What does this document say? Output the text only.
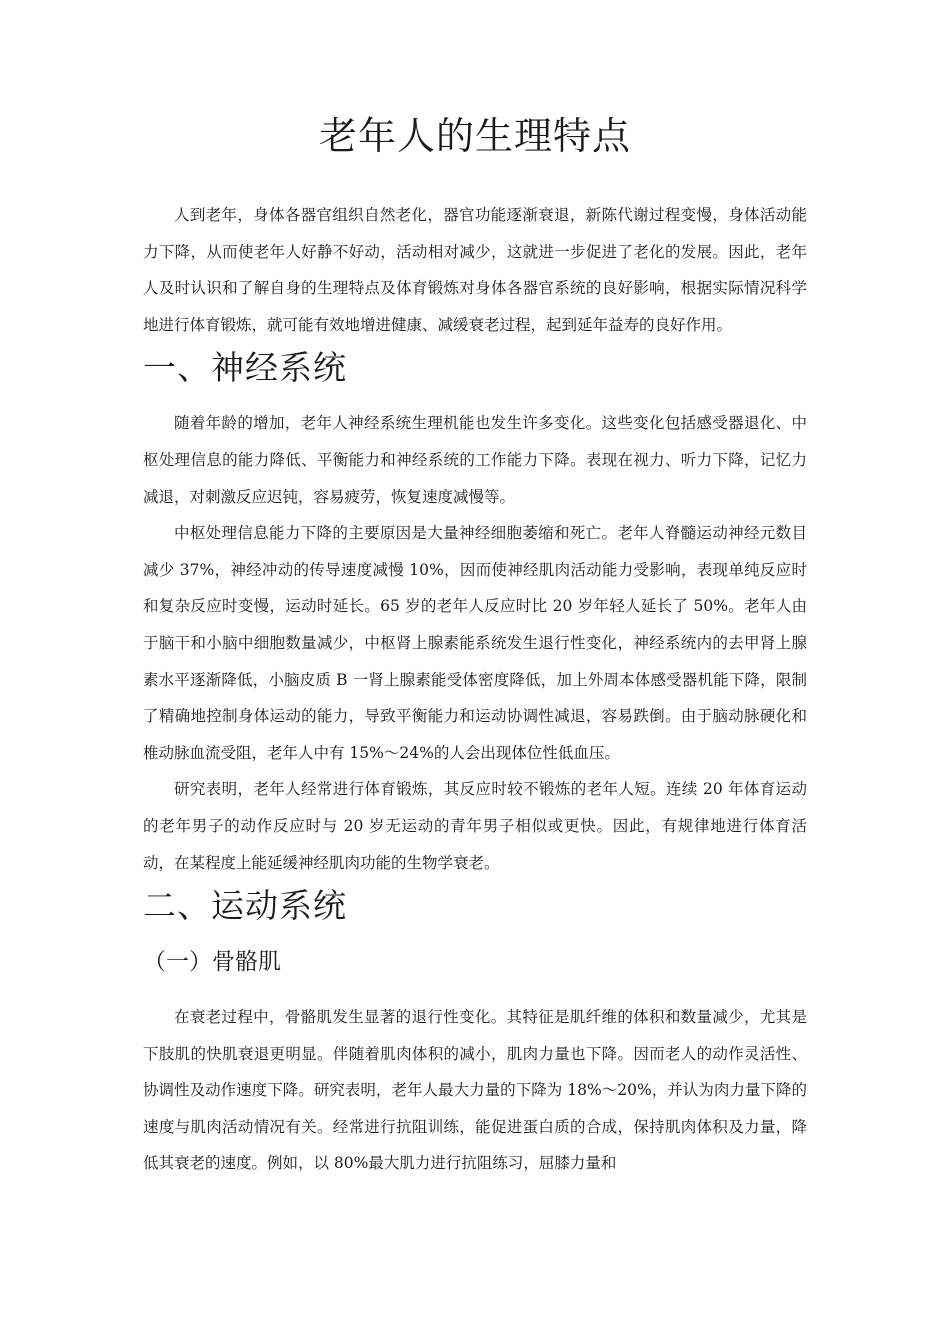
老年人的生理特点

人到老年，身体各器官组织自然老化，器官功能逐渐衰退，新陈代谢过程变慢，身体活动能力下降，从而使老年人好静不好动，活动相对减少，这就进一步促进了老化的发展。因此，老年人及时认识和了解自身的生理特点及体育锻炼对身体各器官系统的良好影响，根据实际情况科学地进行体育锻炼，就可能有效地增进健康、减缓衰老过程，起到延年益寿的良好作用。

一、神经系统

随着年龄的增加，老年人神经系统生理机能也发生许多变化。这些变化包括感受器退化、中枢处理信息的能力降低、平衡能力和神经系统的工作能力下降。表现在视力、听力下降，记忆力减退，对刺激反应迟钝，容易疲劳，恢复速度减慢等。

中枢处理信息能力下降的主要原因是大量神经细胞萎缩和死亡。老年人脊髓运动神经元数目减少 37%，神经冲动的传导速度减慢 10%，因而使神经肌肉活动能力受影响，表现单纯反应时和复杂反应时变慢，运动时延长。65 岁的老年人反应时比 20 岁年轻人延长了 50%。老年人由于脑干和小脑中细胞数量减少，中枢肾上腺素能系统发生退行性变化，神经系统内的去甲肾上腺素水平逐渐降低，小脑皮质 B 一肾上腺素能受体密度降低，加上外周本体感受器机能下降，限制了精确地控制身体运动的能力，导致平衡能力和运动协调性减退，容易跌倒。由于脑动脉硬化和椎动脉血流受阻，老年人中有 15%～24%的人会出现体位性低血压。

研究表明，老年人经常进行体育锻炼，其反应时较不锻炼的老年人短。连续 20 年体育运动的老年男子的动作反应时与 20 岁无运动的青年男子相似或更快。因此，有规律地进行体育活动，在某程度上能延缓神经肌肉功能的生物学衰老。

二、运动系统
（一）骨骼肌

在衰老过程中，骨骼肌发生显著的退行性变化。其特征是肌纤维的体积和数量减少，尤其是下肢肌的快肌衰退更明显。伴随着肌肉体积的减小，肌肉力量也下降。因而老人的动作灵活性、协调性及动作速度下降。研究表明，老年人最大力量的下降为 18%～20%，并认为肉力量下降的速度与肌肉活动情况有关。经常进行抗阻训练，能促进蛋白质的合成，保持肌肉体积及力量，降低其衰老的速度。例如，以 80%最大肌力进行抗阻练习，屈膝力量和
